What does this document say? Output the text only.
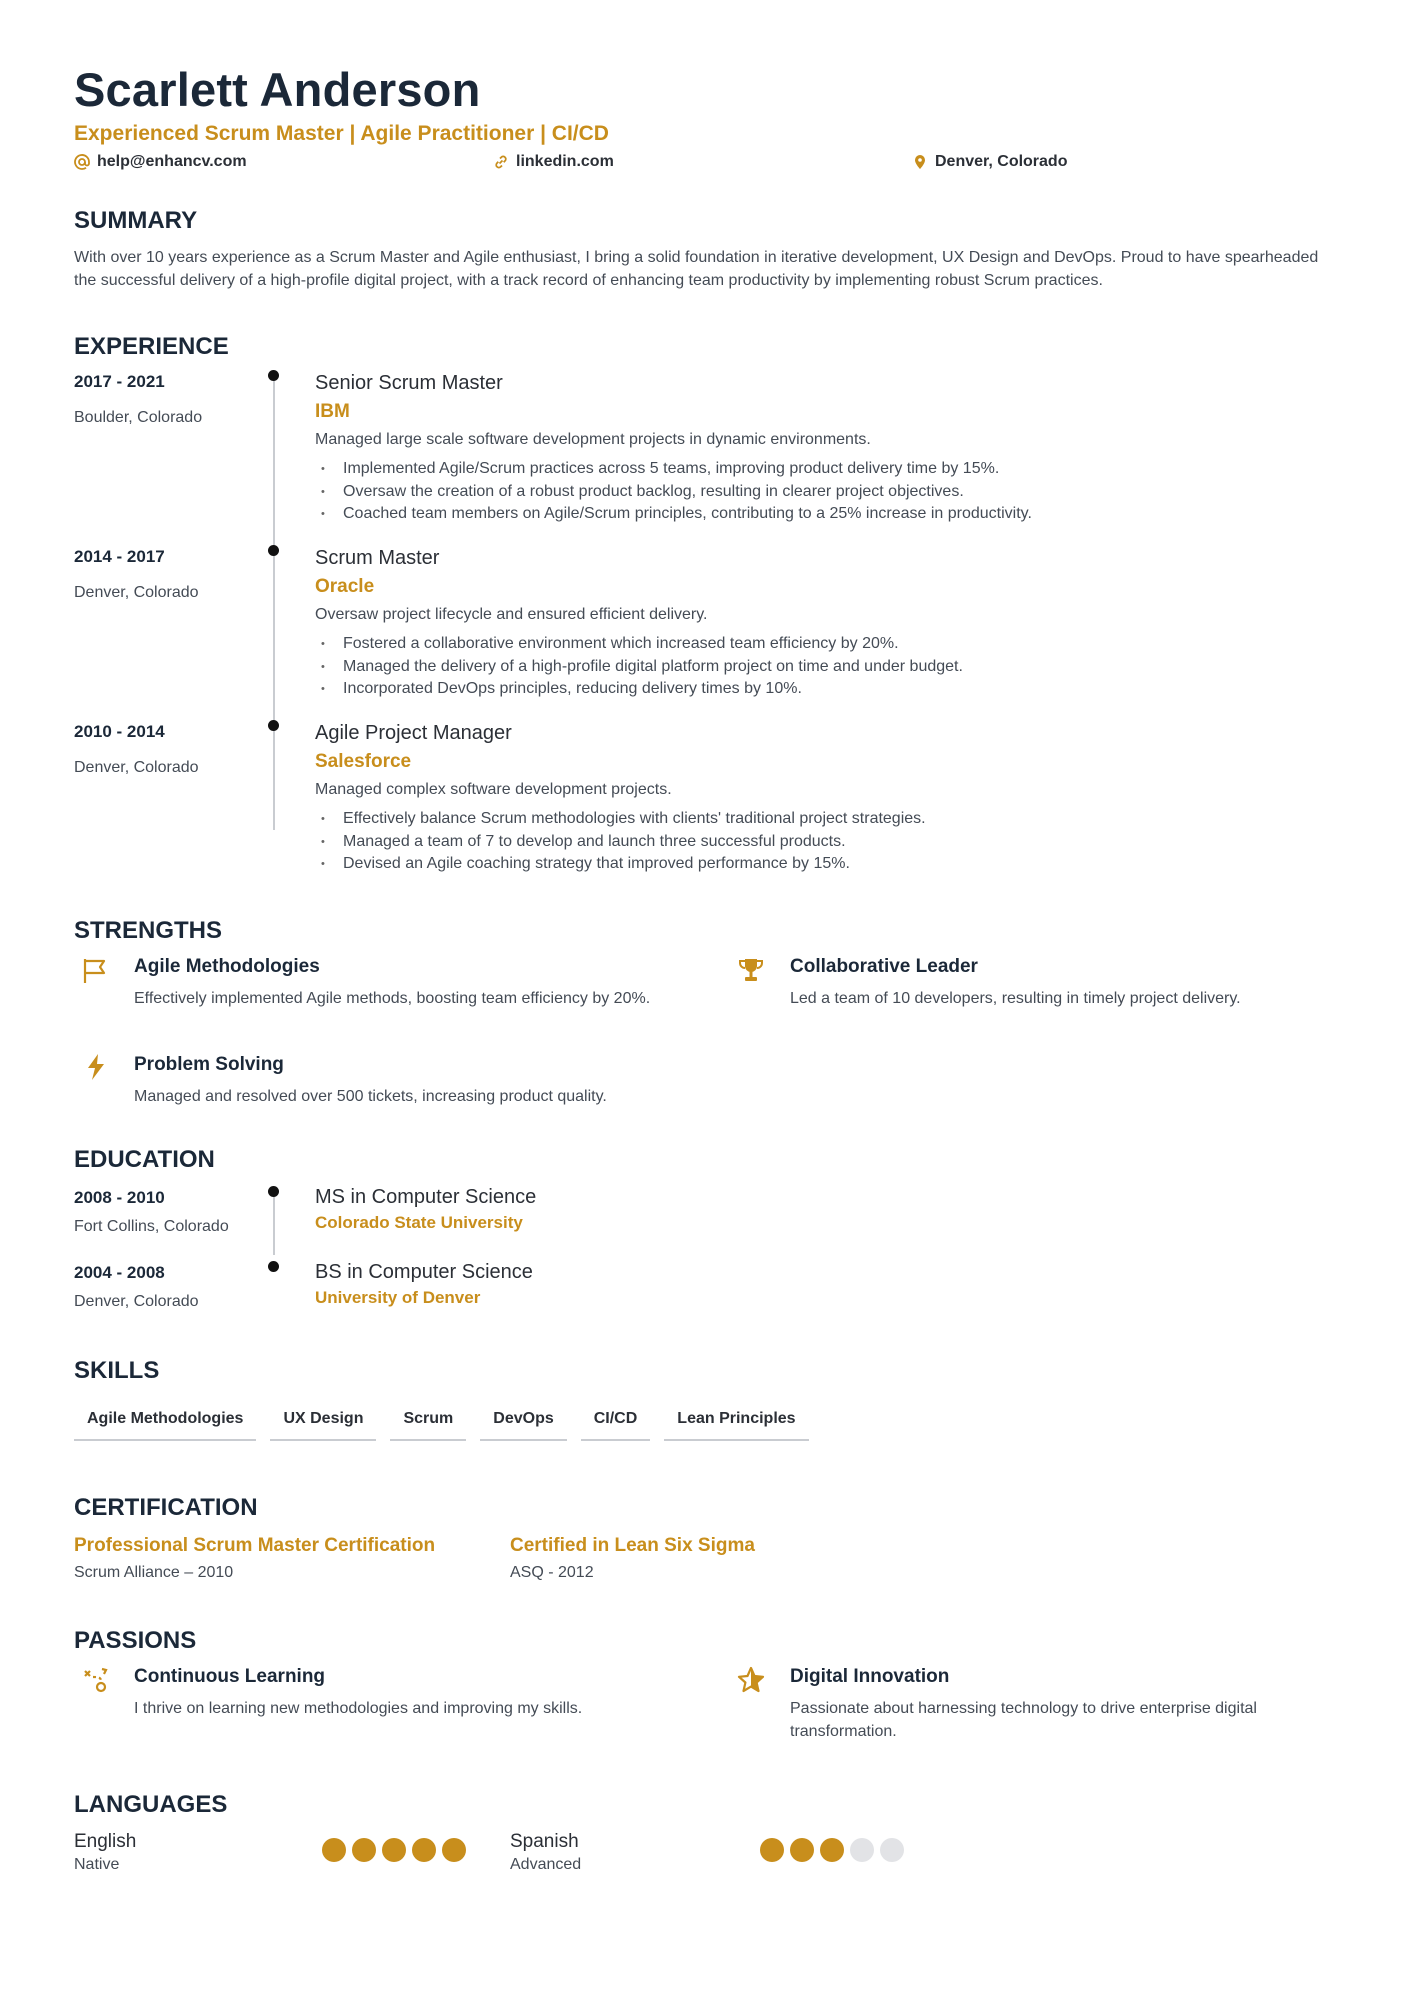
Scarlett Anderson
Experienced Scrum Master | Agile Practitioner | CI/CD
help@enhancv.com	linkedin.com	Denver, Colorado
SUMMARY
With over 10 years experience as a Scrum Master and Agile enthusiast, I bring a solid foundation in iterative development, UX Design and DevOps. Proud to have spearheaded the successful delivery of a high-profile digital project, with a track record of enhancing team productivity by implementing robust Scrum practices.
EXPERIENCE
2017 - 2021
Boulder, Colorado
Senior Scrum Master
IBM
Managed large scale software development projects in dynamic environments.
• Implemented Agile/Scrum practices across 5 teams, improving product delivery time by 15%.
• Oversaw the creation of a robust product backlog, resulting in clearer project objectives.
• Coached team members on Agile/Scrum principles, contributing to a 25% increase in productivity.
2014 - 2017
Denver, Colorado
Scrum Master
Oracle
Oversaw project lifecycle and ensured efficient delivery.
• Fostered a collaborative environment which increased team efficiency by 20%.
• Managed the delivery of a high-profile digital platform project on time and under budget.
• Incorporated DevOps principles, reducing delivery times by 10%.
2010 - 2014
Denver, Colorado
Agile Project Manager
Salesforce
Managed complex software development projects.
• Effectively balance Scrum methodologies with clients' traditional project strategies.
• Managed a team of 7 to develop and launch three successful products.
• Devised an Agile coaching strategy that improved performance by 15%.
STRENGTHS
Agile Methodologies
Effectively implemented Agile methods, boosting team efficiency by 20%.
Collaborative Leader
Led a team of 10 developers, resulting in timely project delivery.
Problem Solving
Managed and resolved over 500 tickets, increasing product quality.
EDUCATION
2008 - 2010
Fort Collins, Colorado
MS in Computer Science
Colorado State University
2004 - 2008
Denver, Colorado
BS in Computer Science
University of Denver
SKILLS
Agile Methodologies	UX Design	Scrum	DevOps	CI/CD	Lean Principles
CERTIFICATION
Professional Scrum Master Certification
Scrum Alliance – 2010
Certified in Lean Six Sigma
ASQ - 2012
PASSIONS
Continuous Learning
I thrive on learning new methodologies and improving my skills.
Digital Innovation
Passionate about harnessing technology to drive enterprise digital transformation.
LANGUAGES
English
Native
Spanish
Advanced
